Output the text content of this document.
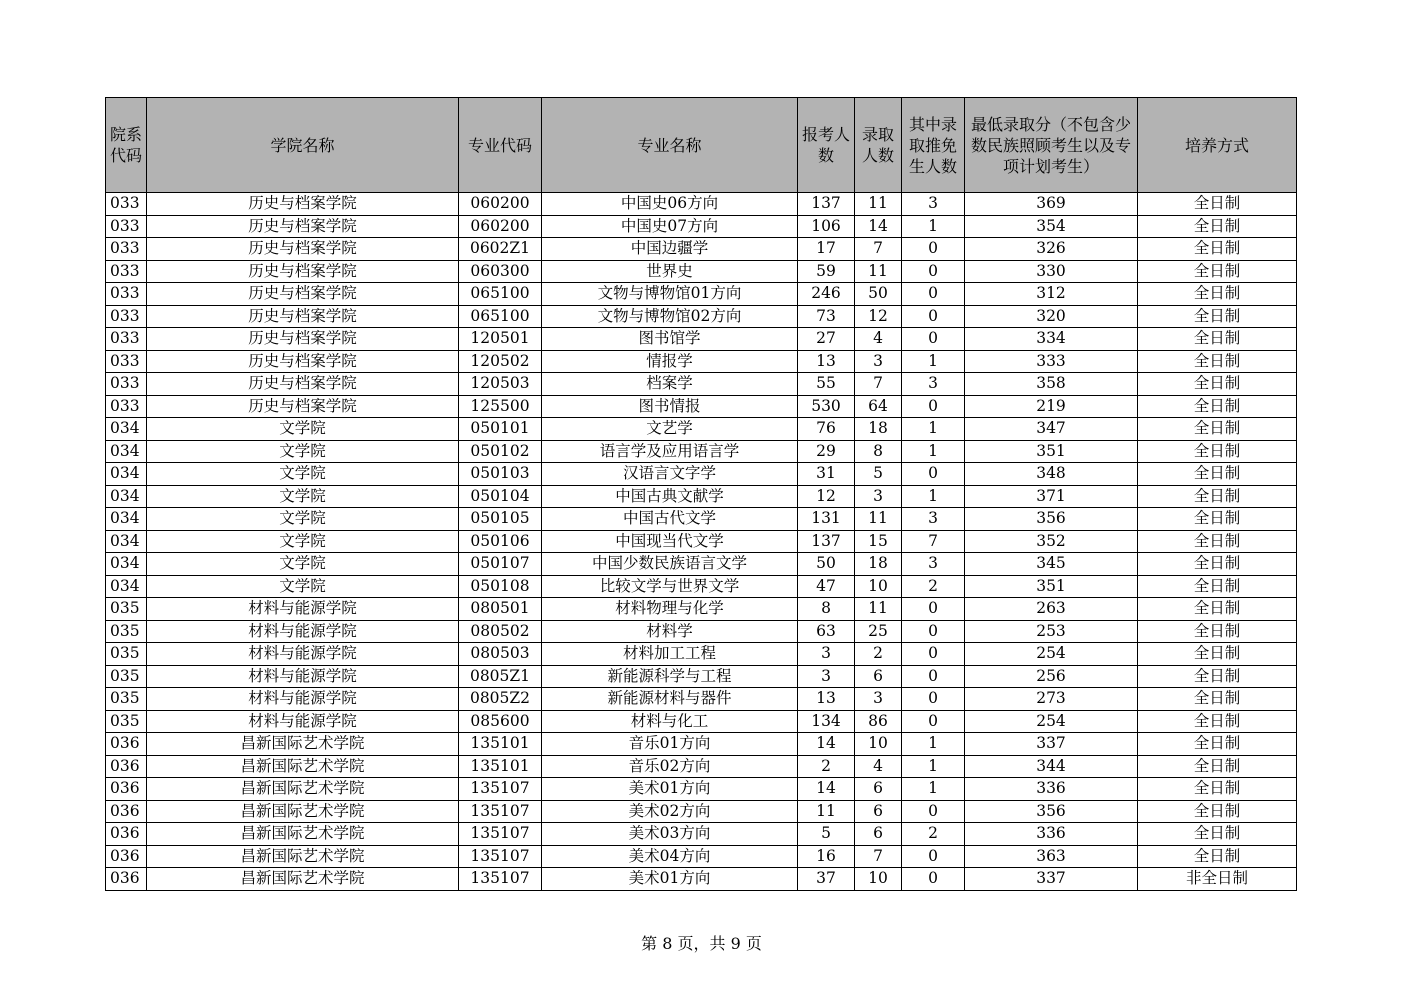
院系代码	学院名称	专业代码	专业名称	报考人数	录取人数	其中录取推免生人数	最低录取分（不包含少数民族照顾考生以及专项计划考生）	培养方式
033	历史与档案学院	060200	中国史06方向	137	11	3	369	全日制
033	历史与档案学院	060200	中国史07方向	106	14	1	354	全日制
033	历史与档案学院	0602Z1	中国边疆学	17	7	0	326	全日制
033	历史与档案学院	060300	世界史	59	11	0	330	全日制
033	历史与档案学院	065100	文物与博物馆01方向	246	50	0	312	全日制
033	历史与档案学院	065100	文物与博物馆02方向	73	12	0	320	全日制
033	历史与档案学院	120501	图书馆学	27	4	0	334	全日制
033	历史与档案学院	120502	情报学	13	3	1	333	全日制
033	历史与档案学院	120503	档案学	55	7	3	358	全日制
033	历史与档案学院	125500	图书情报	530	64	0	219	全日制
034	文学院	050101	文艺学	76	18	1	347	全日制
034	文学院	050102	语言学及应用语言学	29	8	1	351	全日制
034	文学院	050103	汉语言文字学	31	5	0	348	全日制
034	文学院	050104	中国古典文献学	12	3	1	371	全日制
034	文学院	050105	中国古代文学	131	11	3	356	全日制
034	文学院	050106	中国现当代文学	137	15	7	352	全日制
034	文学院	050107	中国少数民族语言文学	50	18	3	345	全日制
034	文学院	050108	比较文学与世界文学	47	10	2	351	全日制
035	材料与能源学院	080501	材料物理与化学	8	11	0	263	全日制
035	材料与能源学院	080502	材料学	63	25	0	253	全日制
035	材料与能源学院	080503	材料加工工程	3	2	0	254	全日制
035	材料与能源学院	0805Z1	新能源科学与工程	3	6	0	256	全日制
035	材料与能源学院	0805Z2	新能源材料与器件	13	3	0	273	全日制
035	材料与能源学院	085600	材料与化工	134	86	0	254	全日制
036	昌新国际艺术学院	135101	音乐01方向	14	10	1	337	全日制
036	昌新国际艺术学院	135101	音乐02方向	2	4	1	344	全日制
036	昌新国际艺术学院	135107	美术01方向	14	6	1	336	全日制
036	昌新国际艺术学院	135107	美术02方向	11	6	0	356	全日制
036	昌新国际艺术学院	135107	美术03方向	5	6	2	336	全日制
036	昌新国际艺术学院	135107	美术04方向	16	7	0	363	全日制
036	昌新国际艺术学院	135107	美术01方向	37	10	0	337	非全日制
第 8 页，共 9 页
